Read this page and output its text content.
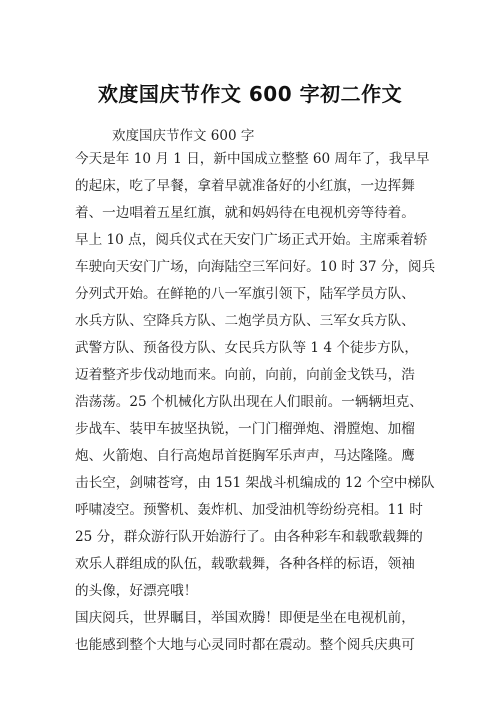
欢度国庆节作文 600 字初二作文
欢度国庆节作文 600 字
今天是年 10 月 1 日，新中国成立整整 60 周年了，我早早
的起床，吃了早餐，拿着早就准备好的小红旗，一边挥舞
着、一边唱着五星红旗，就和妈妈待在电视机旁等待着。
早上 10 点，阅兵仪式在天安门广场正式开始。主席乘着轿
车驶向天安门广场，向海陆空三军问好。10 时 37 分，阅兵
分列式开始。在鲜艳的八一军旗引领下，陆军学员方队、
水兵方队、空降兵方队、二炮学员方队、三军女兵方队、
武警方队、预备役方队、女民兵方队等 1 4 个徒步方队，
迈着整齐步伐动地而来。向前，向前，向前金戈铁马，浩
浩荡荡。25 个机械化方队出现在人们眼前。一辆辆坦克、
步战车、装甲车披坚执锐，一门门榴弹炮、滑膛炮、加榴
炮、火箭炮、自行高炮昂首挺胸军乐声声，马达隆隆。鹰
击长空，剑啸苍穹，由 151 架战斗机编成的 12 个空中梯队
呼啸凌空。预警机、轰炸机、加受油机等纷纷亮相。11 时
25 分，群众游行队开始游行了。由各种彩车和载歌载舞的
欢乐人群组成的队伍，载歌载舞，各种各样的标语，领袖
的头像，好漂亮哦！
国庆阅兵，世界瞩目，举国欢腾！即便是坐在电视机前，
也能感到整个大地与心灵同时都在震动。整个阅兵庆典可
